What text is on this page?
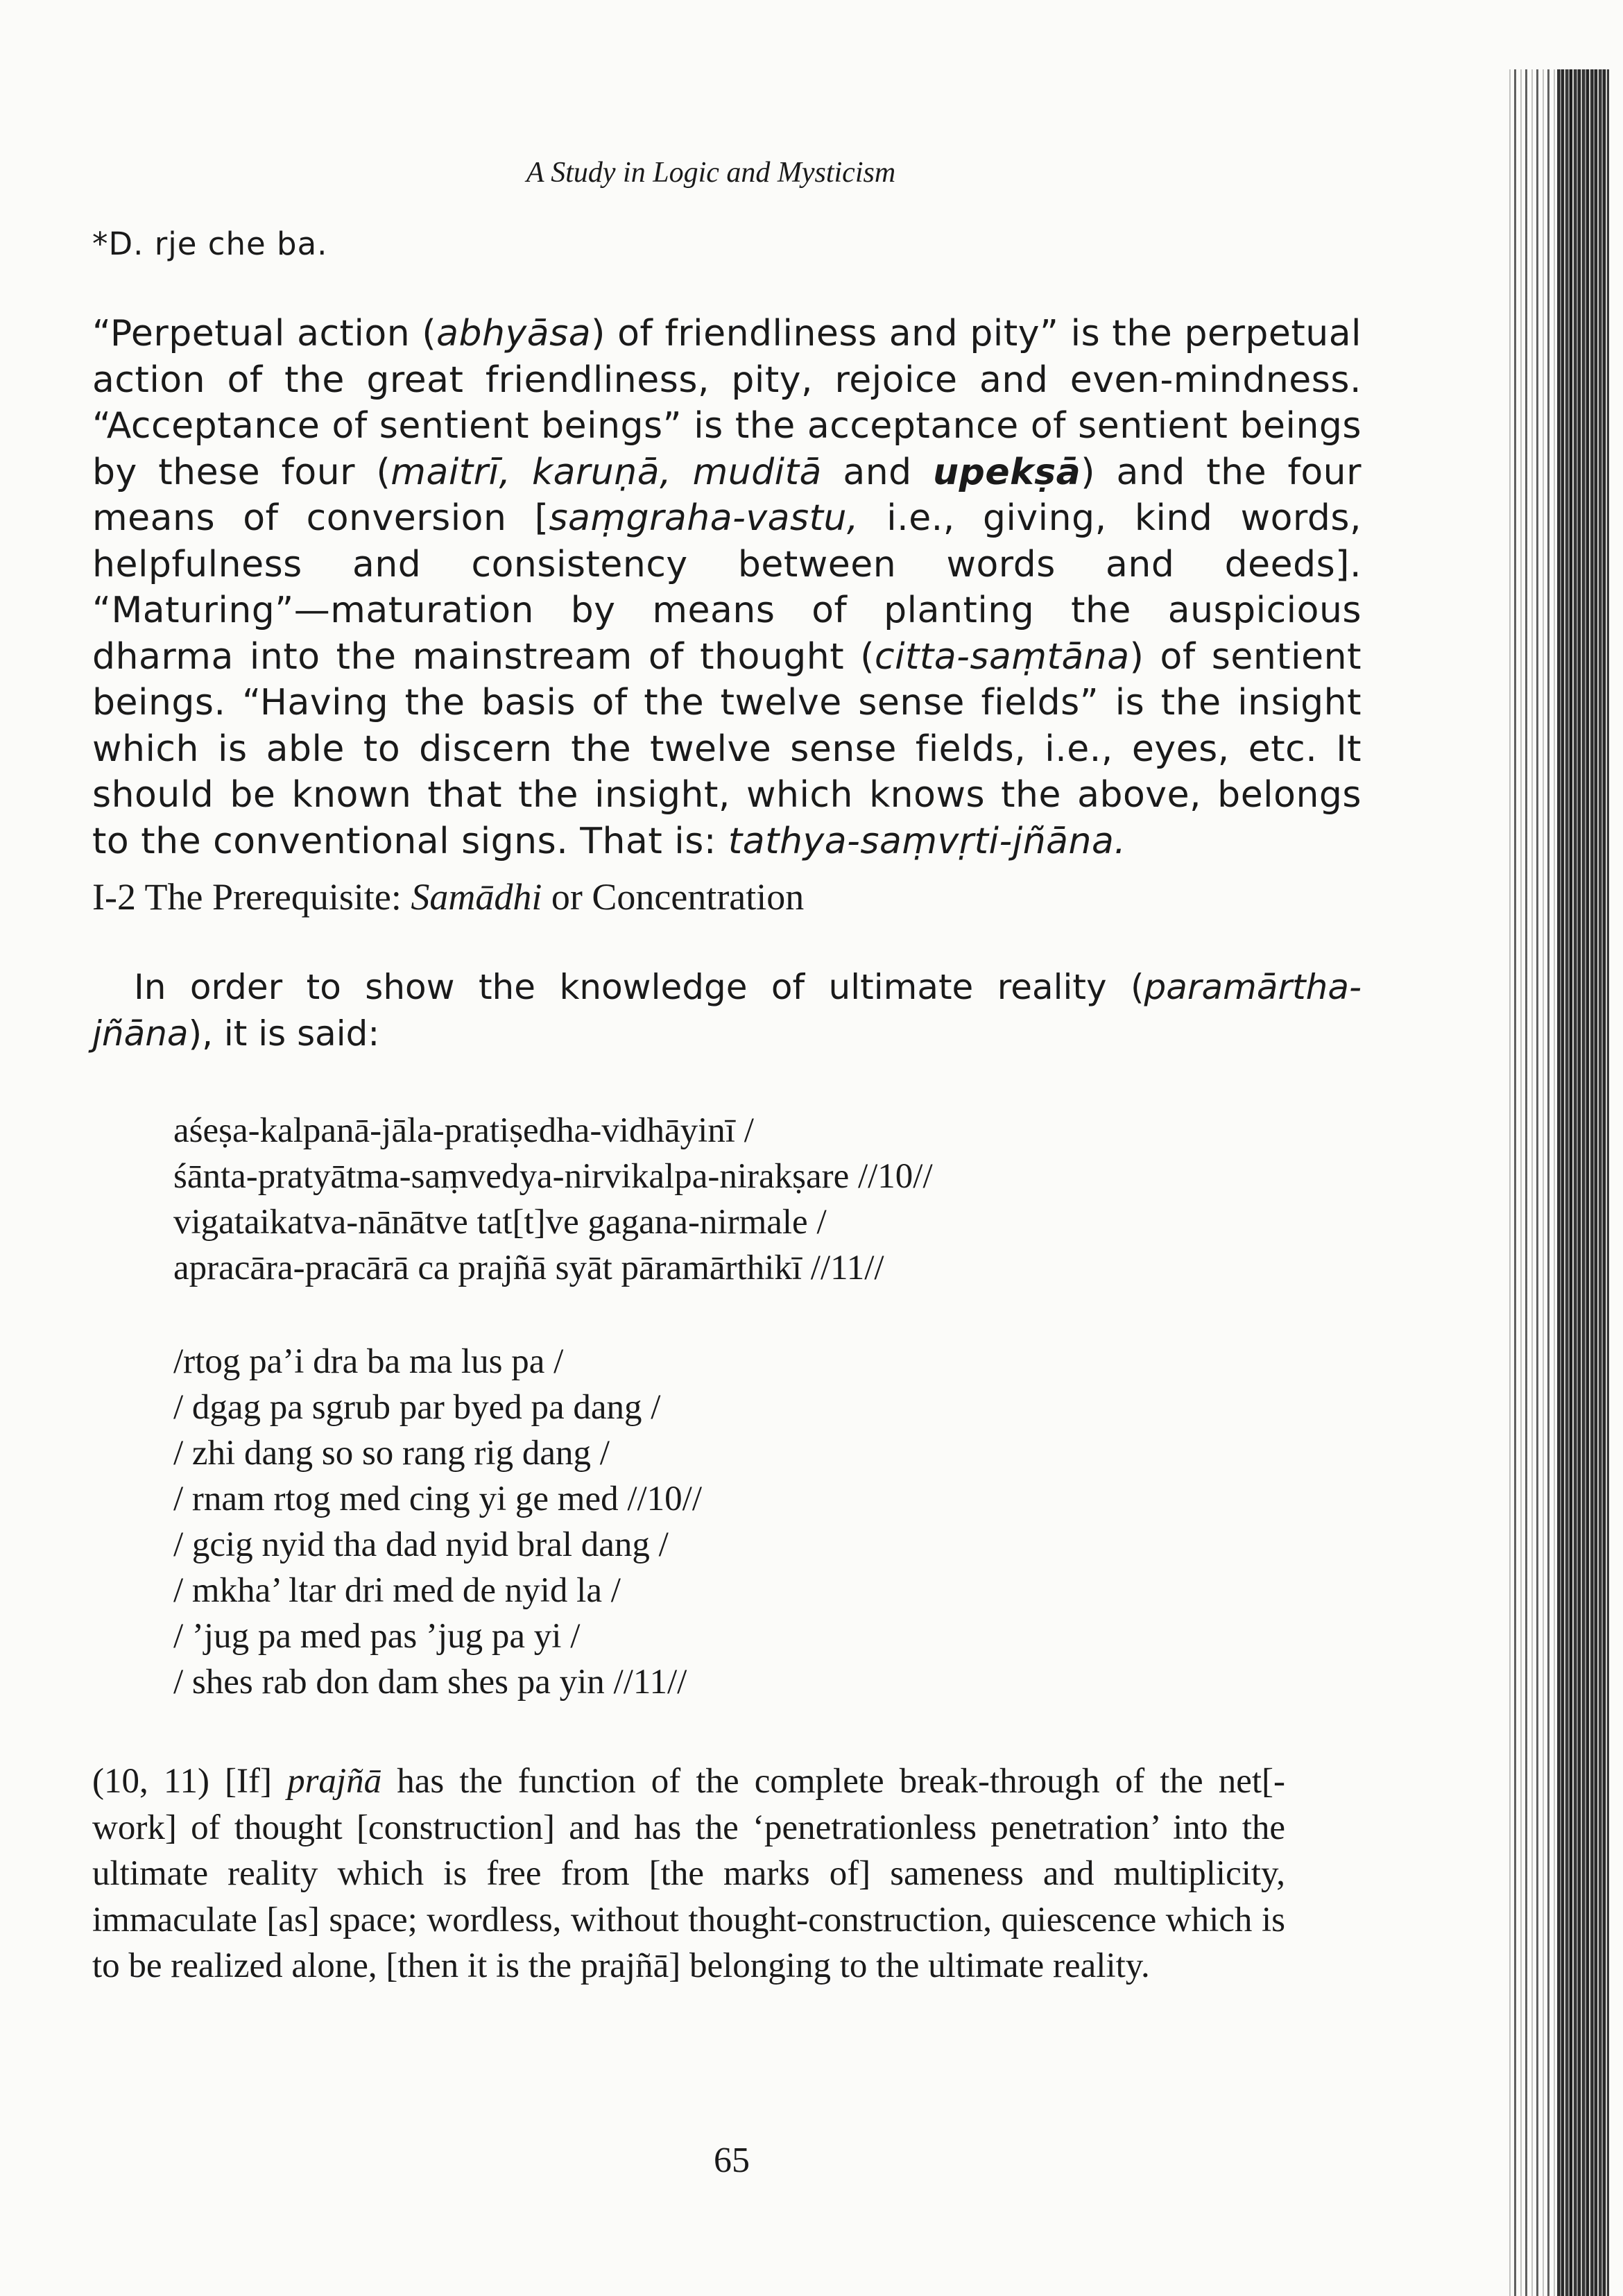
A Study in Logic and Mysticism
*D. rje che ba.

“Perpetual action (abhyāsa) of friendliness and pity” is the perpetual action of the great friendliness, pity, rejoice and even-mindness. “Acceptance of sentient beings” is the acceptance of sentient beings by these four (maitrī, karuṇā, muditā and upekṣā) and the four means of conversion [saṃgraha-vastu, i.e., giving, kind words, helpfulness and consistency between words and deeds]. “Maturing”—maturation by means of planting the auspicious dharma into the mainstream of thought (citta-saṃtāna) of sentient beings. “Having the basis of the twelve sense fields” is the insight which is able to discern the twelve sense fields, i.e., eyes, etc. It should be known that the insight, which knows the above, belongs to the conventional signs. That is: tathya-saṃvṛti-jñāna.

I-2 The Prerequisite: Samādhi or Concentration

In order to show the knowledge of ultimate reality (paramārtha-jñāna), it is said:

aśeṣa-kalpanā-jāla-pratiṣedha-vidhāyinī /
śānta-pratyātma-saṃvedya-nirvikalpa-nirakṣare //10//
vigataikatva-nānātve tat[t]ve gagana-nirmale /
apracāra-pracārā ca prajñā syāt pāramārthikī //11//
/rtog pa’i dra ba ma lus pa /
/ dgag pa sgrub par byed pa dang /
/ zhi dang so so rang rig dang /
/ rnam rtog med cing yi ge med //10//
/ gcig nyid tha dad nyid bral dang /
/ mkha’ ltar dri med de nyid la /
/ ’jug pa med pas ’jug pa yi /
/ shes rab don dam shes pa yin //11//

(10, 11) [If] prajñā has the function of the complete break-through of the net[-work] of thought [construction] and has the ‘penetrationless penetration’ into the ultimate reality which is free from [the marks of] sameness and multiplicity, immaculate [as] space; wordless, without thought-construction, quiescence which is to be realized alone, [then it is the prajñā] belonging to the ultimate reality.

65
